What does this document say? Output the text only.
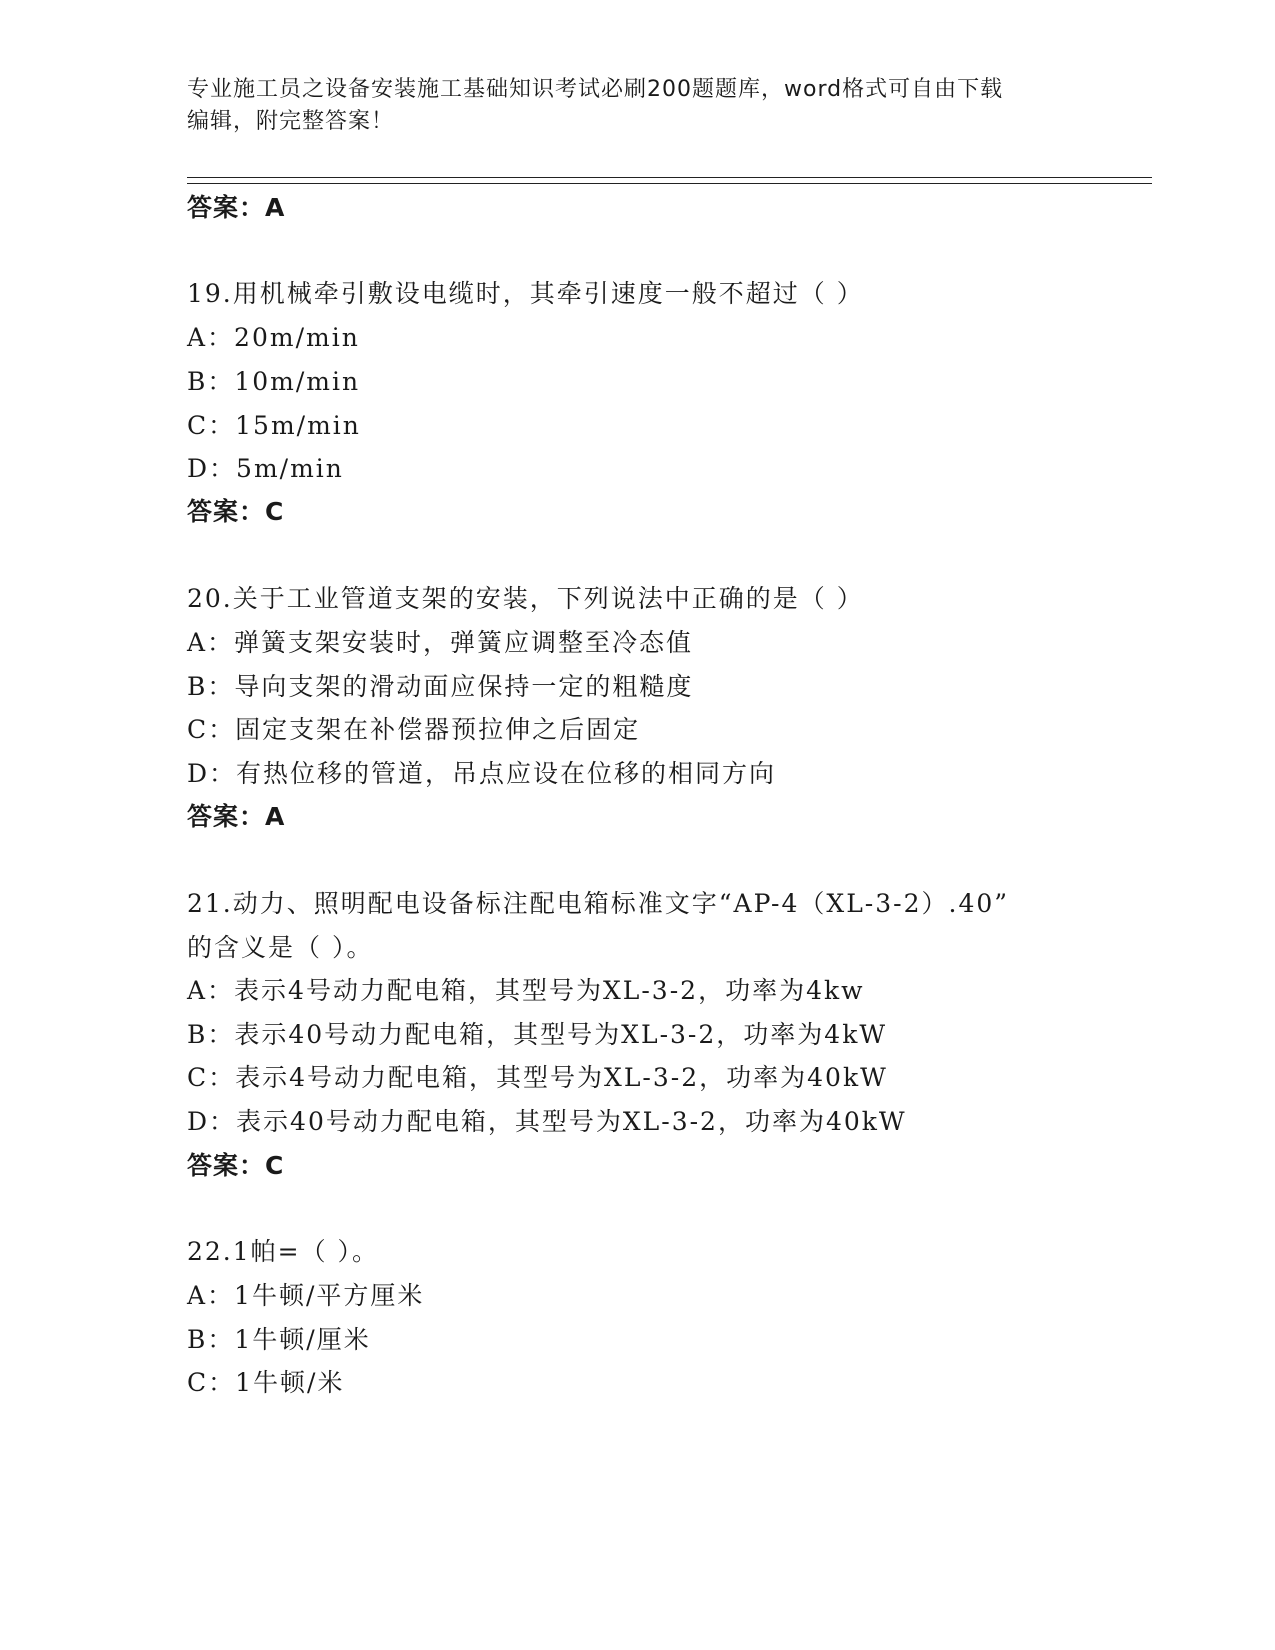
专业施工员之设备安装施工基础知识考试必刷200题题库，word格式可自由下载
编辑，附完整答案！
答案：A
19.用机械牵引敷设电缆时，其牵引速度一般不超过（ ）
A：20m/min
B：10m/min
C：15m/min
D：5m/min
答案：C
20.关于工业管道支架的安装，下列说法中正确的是（ ）
A：弹簧支架安装时，弹簧应调整至冷态值
B：导向支架的滑动面应保持一定的粗糙度
C：固定支架在补偿器预拉伸之后固定
D：有热位移的管道，吊点应设在位移的相同方向
答案：A
21.动力、照明配电设备标注配电箱标准文字“AP-4（XL-3-2）.40”
的含义是（ ）。
A：表示4号动力配电箱，其型号为XL-3-2，功率为4kw
B：表示40号动力配电箱，其型号为XL-3-2，功率为4kW
C：表示4号动力配电箱，其型号为XL-3-2，功率为40kW
D：表示40号动力配电箱，其型号为XL-3-2，功率为40kW
答案：C
22.1帕=（ ）。
A：1牛顿/平方厘米
B：1牛顿/厘米
C：1牛顿/米
